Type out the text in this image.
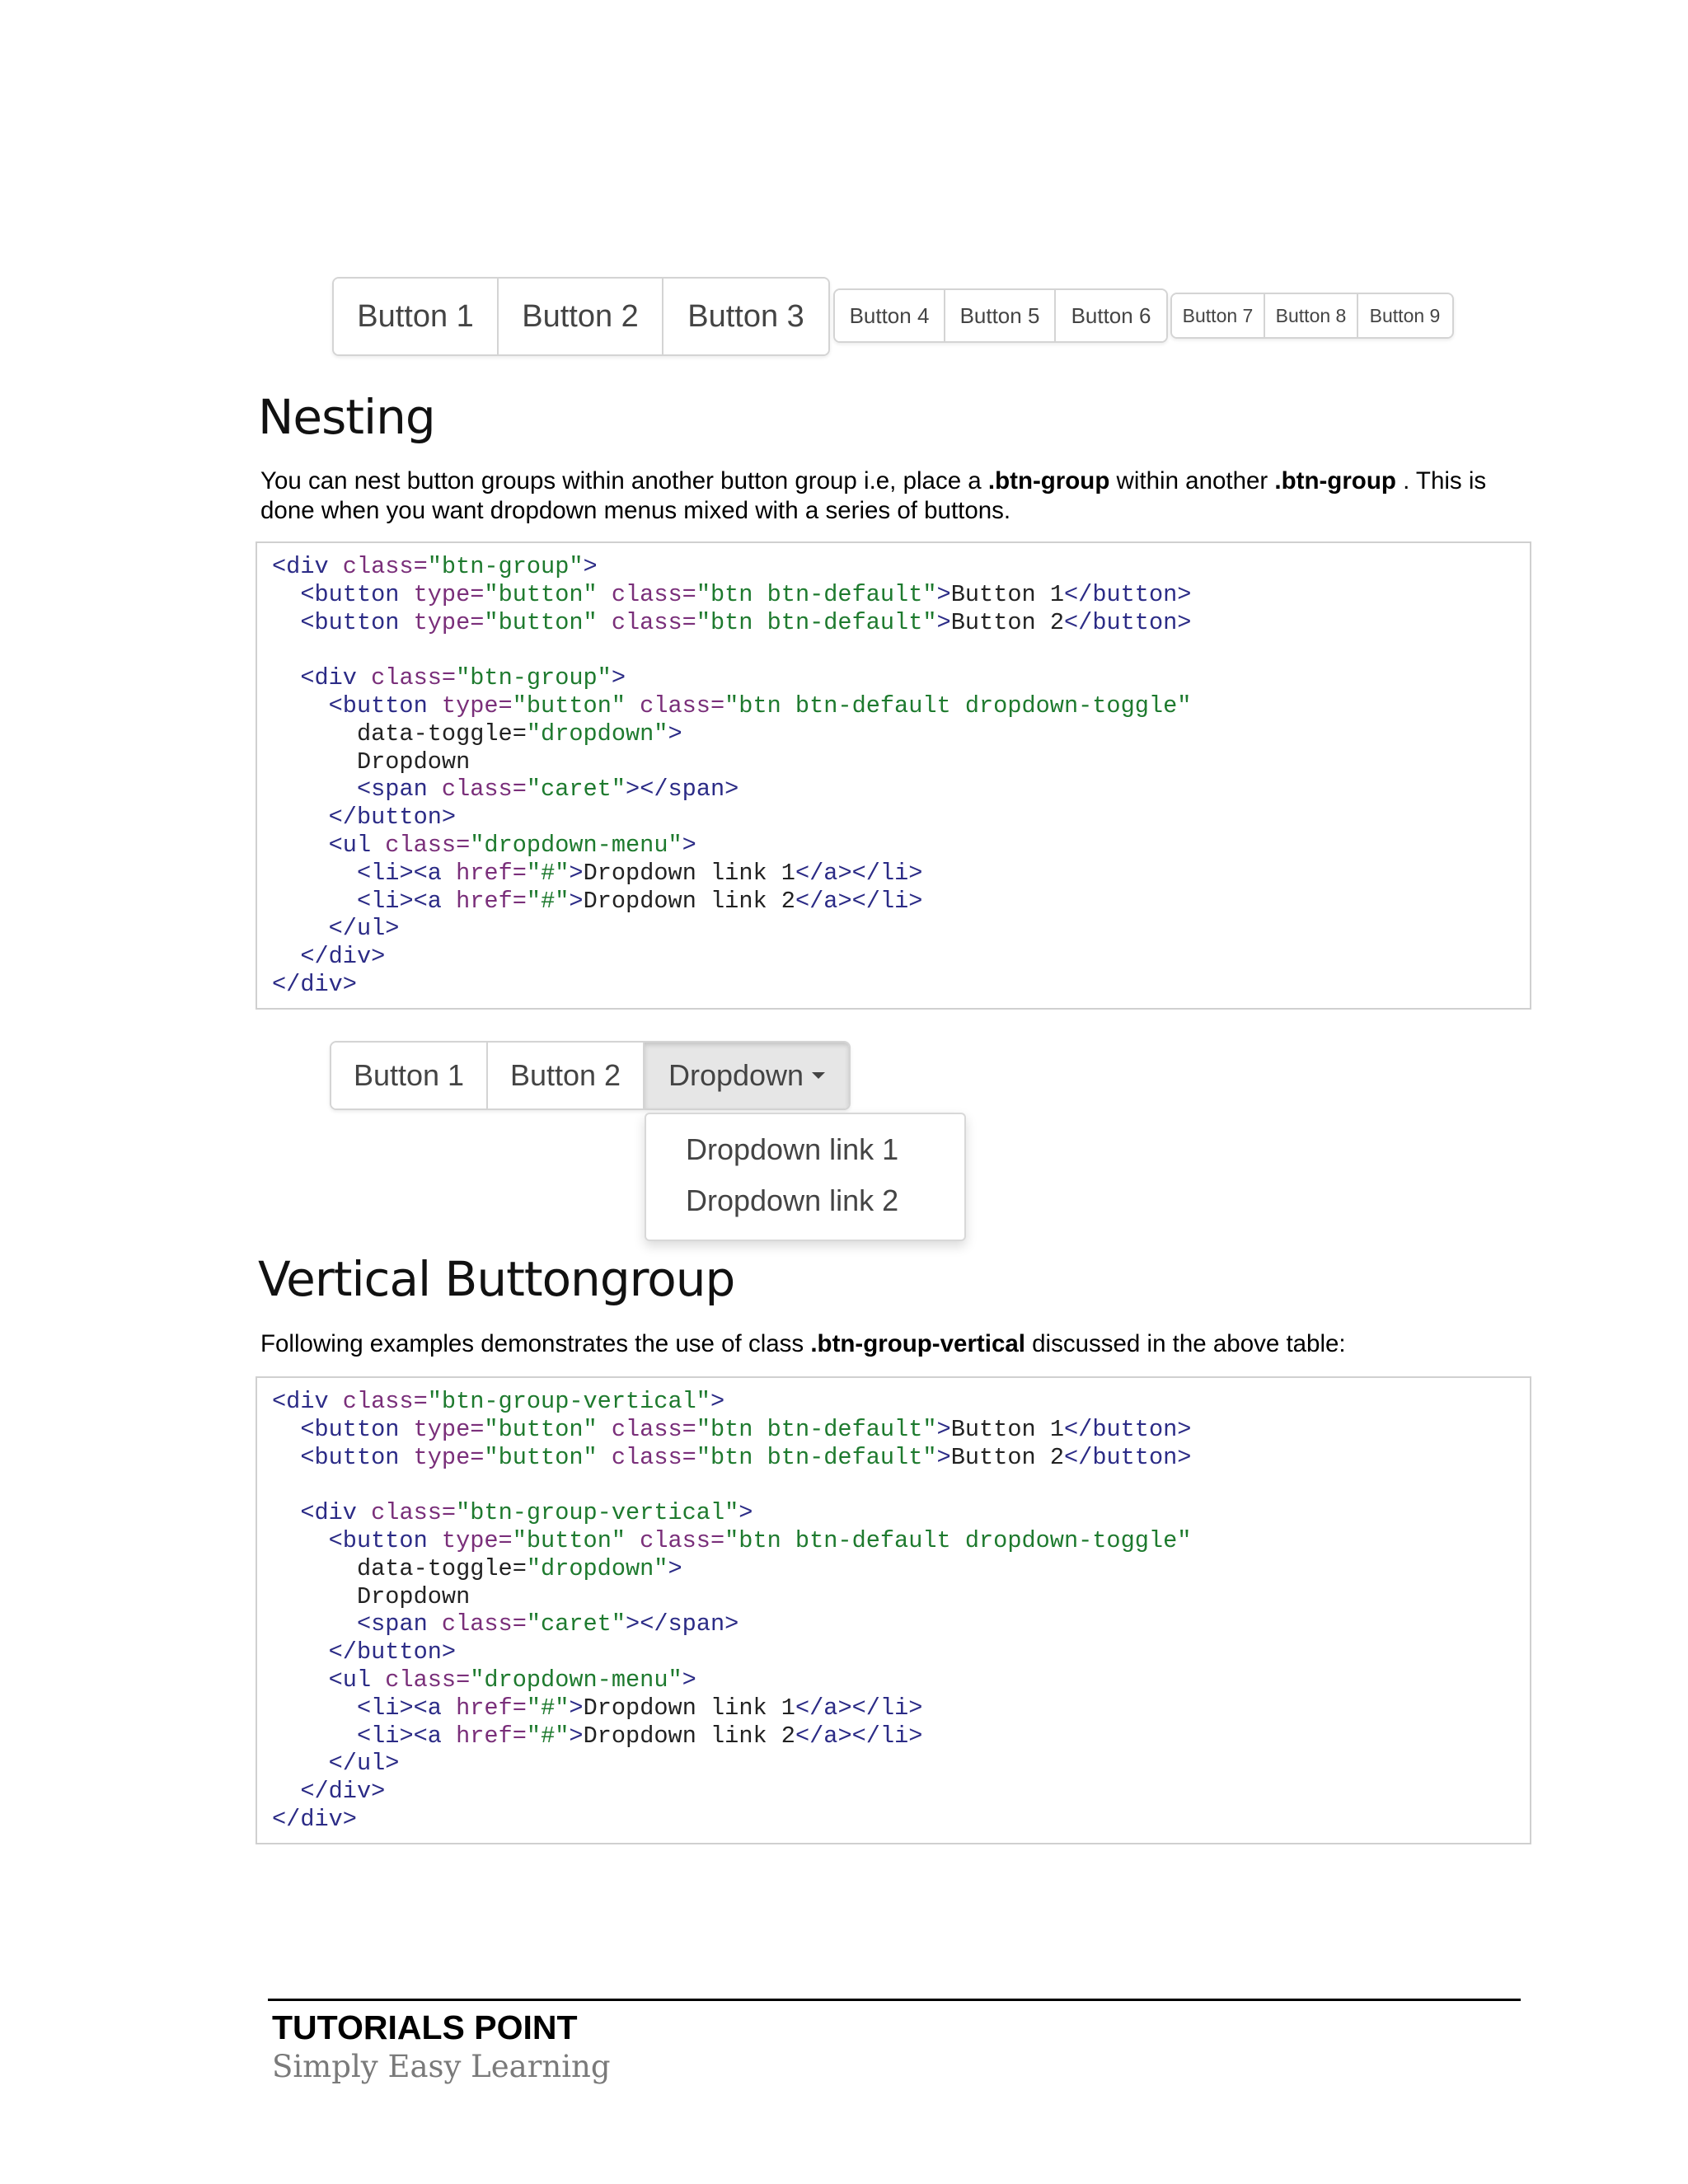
Button 1	Button 2	Button 3	Button 4	Button 5	Button 6	Button 7	Button 8	Button 9
Nesting

You can nest button groups within another button group i.e, place a .btn-group within another .btn-group . This is done when you want dropdown menus mixed with a series of buttons.

<div class="btn-group">
<button type="button" class="btn btn-default">Button 1</button>
<button type="button" class="btn btn-default">Button 2</button>

<div class="btn-group">
<button type="button" class="btn btn-default dropdown-toggle"
data-toggle="dropdown">
Dropdown
<span class="caret"></span>
</button>
<ul class="dropdown-menu">
<li><a href="#">Dropdown link 1</a></li>
<li><a href="#">Dropdown link 2</a></li>
</ul>
</div>
</div>
Button 1	Button 2	Dropdown
Dropdown link 1
Dropdown link 2
Vertical Buttongroup

Following examples demonstrates the use of class .btn-group-vertical discussed in the above table:

<div class="btn-group-vertical">
<button type="button" class="btn btn-default">Button 1</button>
<button type="button" class="btn btn-default">Button 2</button>

<div class="btn-group-vertical">
<button type="button" class="btn btn-default dropdown-toggle"
data-toggle="dropdown">
Dropdown
<span class="caret"></span>
</button>
<ul class="dropdown-menu">
<li><a href="#">Dropdown link 1</a></li>
<li><a href="#">Dropdown link 2</a></li>
</ul>
</div>
</div>
TUTORIALS POINT
Simply Easy Learning
